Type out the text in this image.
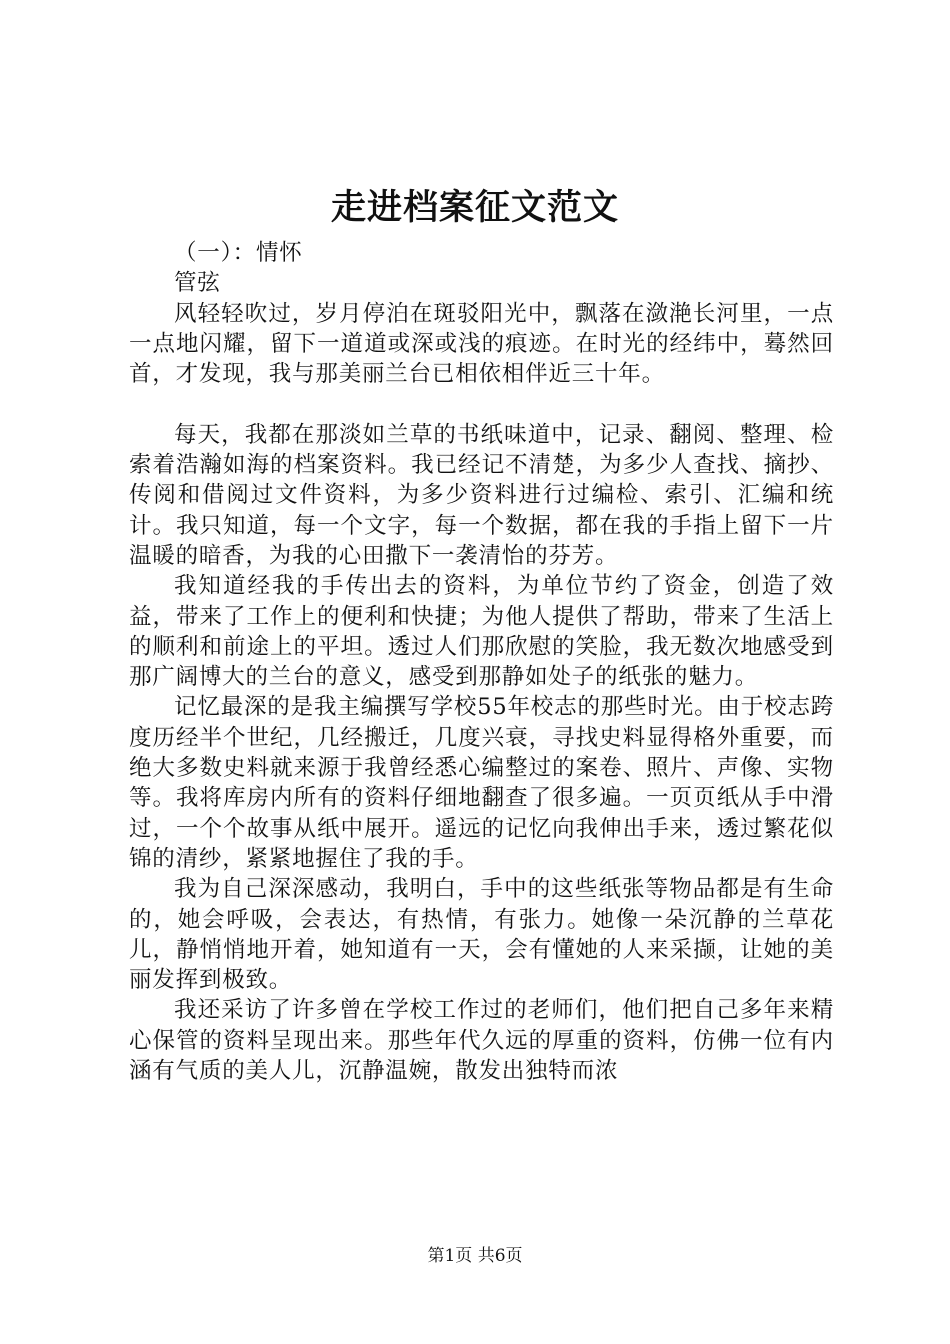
走进档案征文范文

（一）：情怀

管弦

风轻轻吹过，岁月停泊在斑驳阳光中，飘落在潋滟长河里，一点一点地闪耀，留下一道道或深或浅的痕迹。在时光的经纬中，蓦然回首，才发现，我与那美丽兰台已相依相伴近三十年。

每天，我都在那淡如兰草的书纸味道中，记录、翻阅、整理、检索着浩瀚如海的档案资料。我已经记不清楚，为多少人查找、摘抄、传阅和借阅过文件资料，为多少资料进行过编检、索引、汇编和统计。我只知道，每一个文字，每一个数据，都在我的手指上留下一片温暖的暗香，为我的心田撒下一袭清怡的芬芳。

我知道经我的手传出去的资料，为单位节约了资金，创造了效益，带来了工作上的便利和快捷；为他人提供了帮助，带来了生活上的顺利和前途上的平坦。透过人们那欣慰的笑脸，我无数次地感受到那广阔博大的兰台的意义，感受到那静如处子的纸张的魅力。

记忆最深的是我主编撰写学校55年校志的那些时光。由于校志跨度历经半个世纪，几经搬迁，几度兴衰，寻找史料显得格外重要，而绝大多数史料就来源于我曾经悉心编整过的案卷、照片、声像、实物等。我将库房内所有的资料仔细地翻查了很多遍。一页页纸从手中滑过，一个个故事从纸中展开。遥远的记忆向我伸出手来，透过繁花似锦的清纱，紧紧地握住了我的手。

我为自己深深感动，我明白，手中的这些纸张等物品都是有生命的，她会呼吸，会表达，有热情，有张力。她像一朵沉静的兰草花儿，静悄悄地开着，她知道有一天，会有懂她的人来采撷，让她的美丽发挥到极致。

我还采访了许多曾在学校工作过的老师们，他们把自己多年来精心保管的资料呈现出来。那些年代久远的厚重的资料，仿佛一位有内涵有气质的美人儿，沉静温婉，散发出独特而浓

第1页 共6页
